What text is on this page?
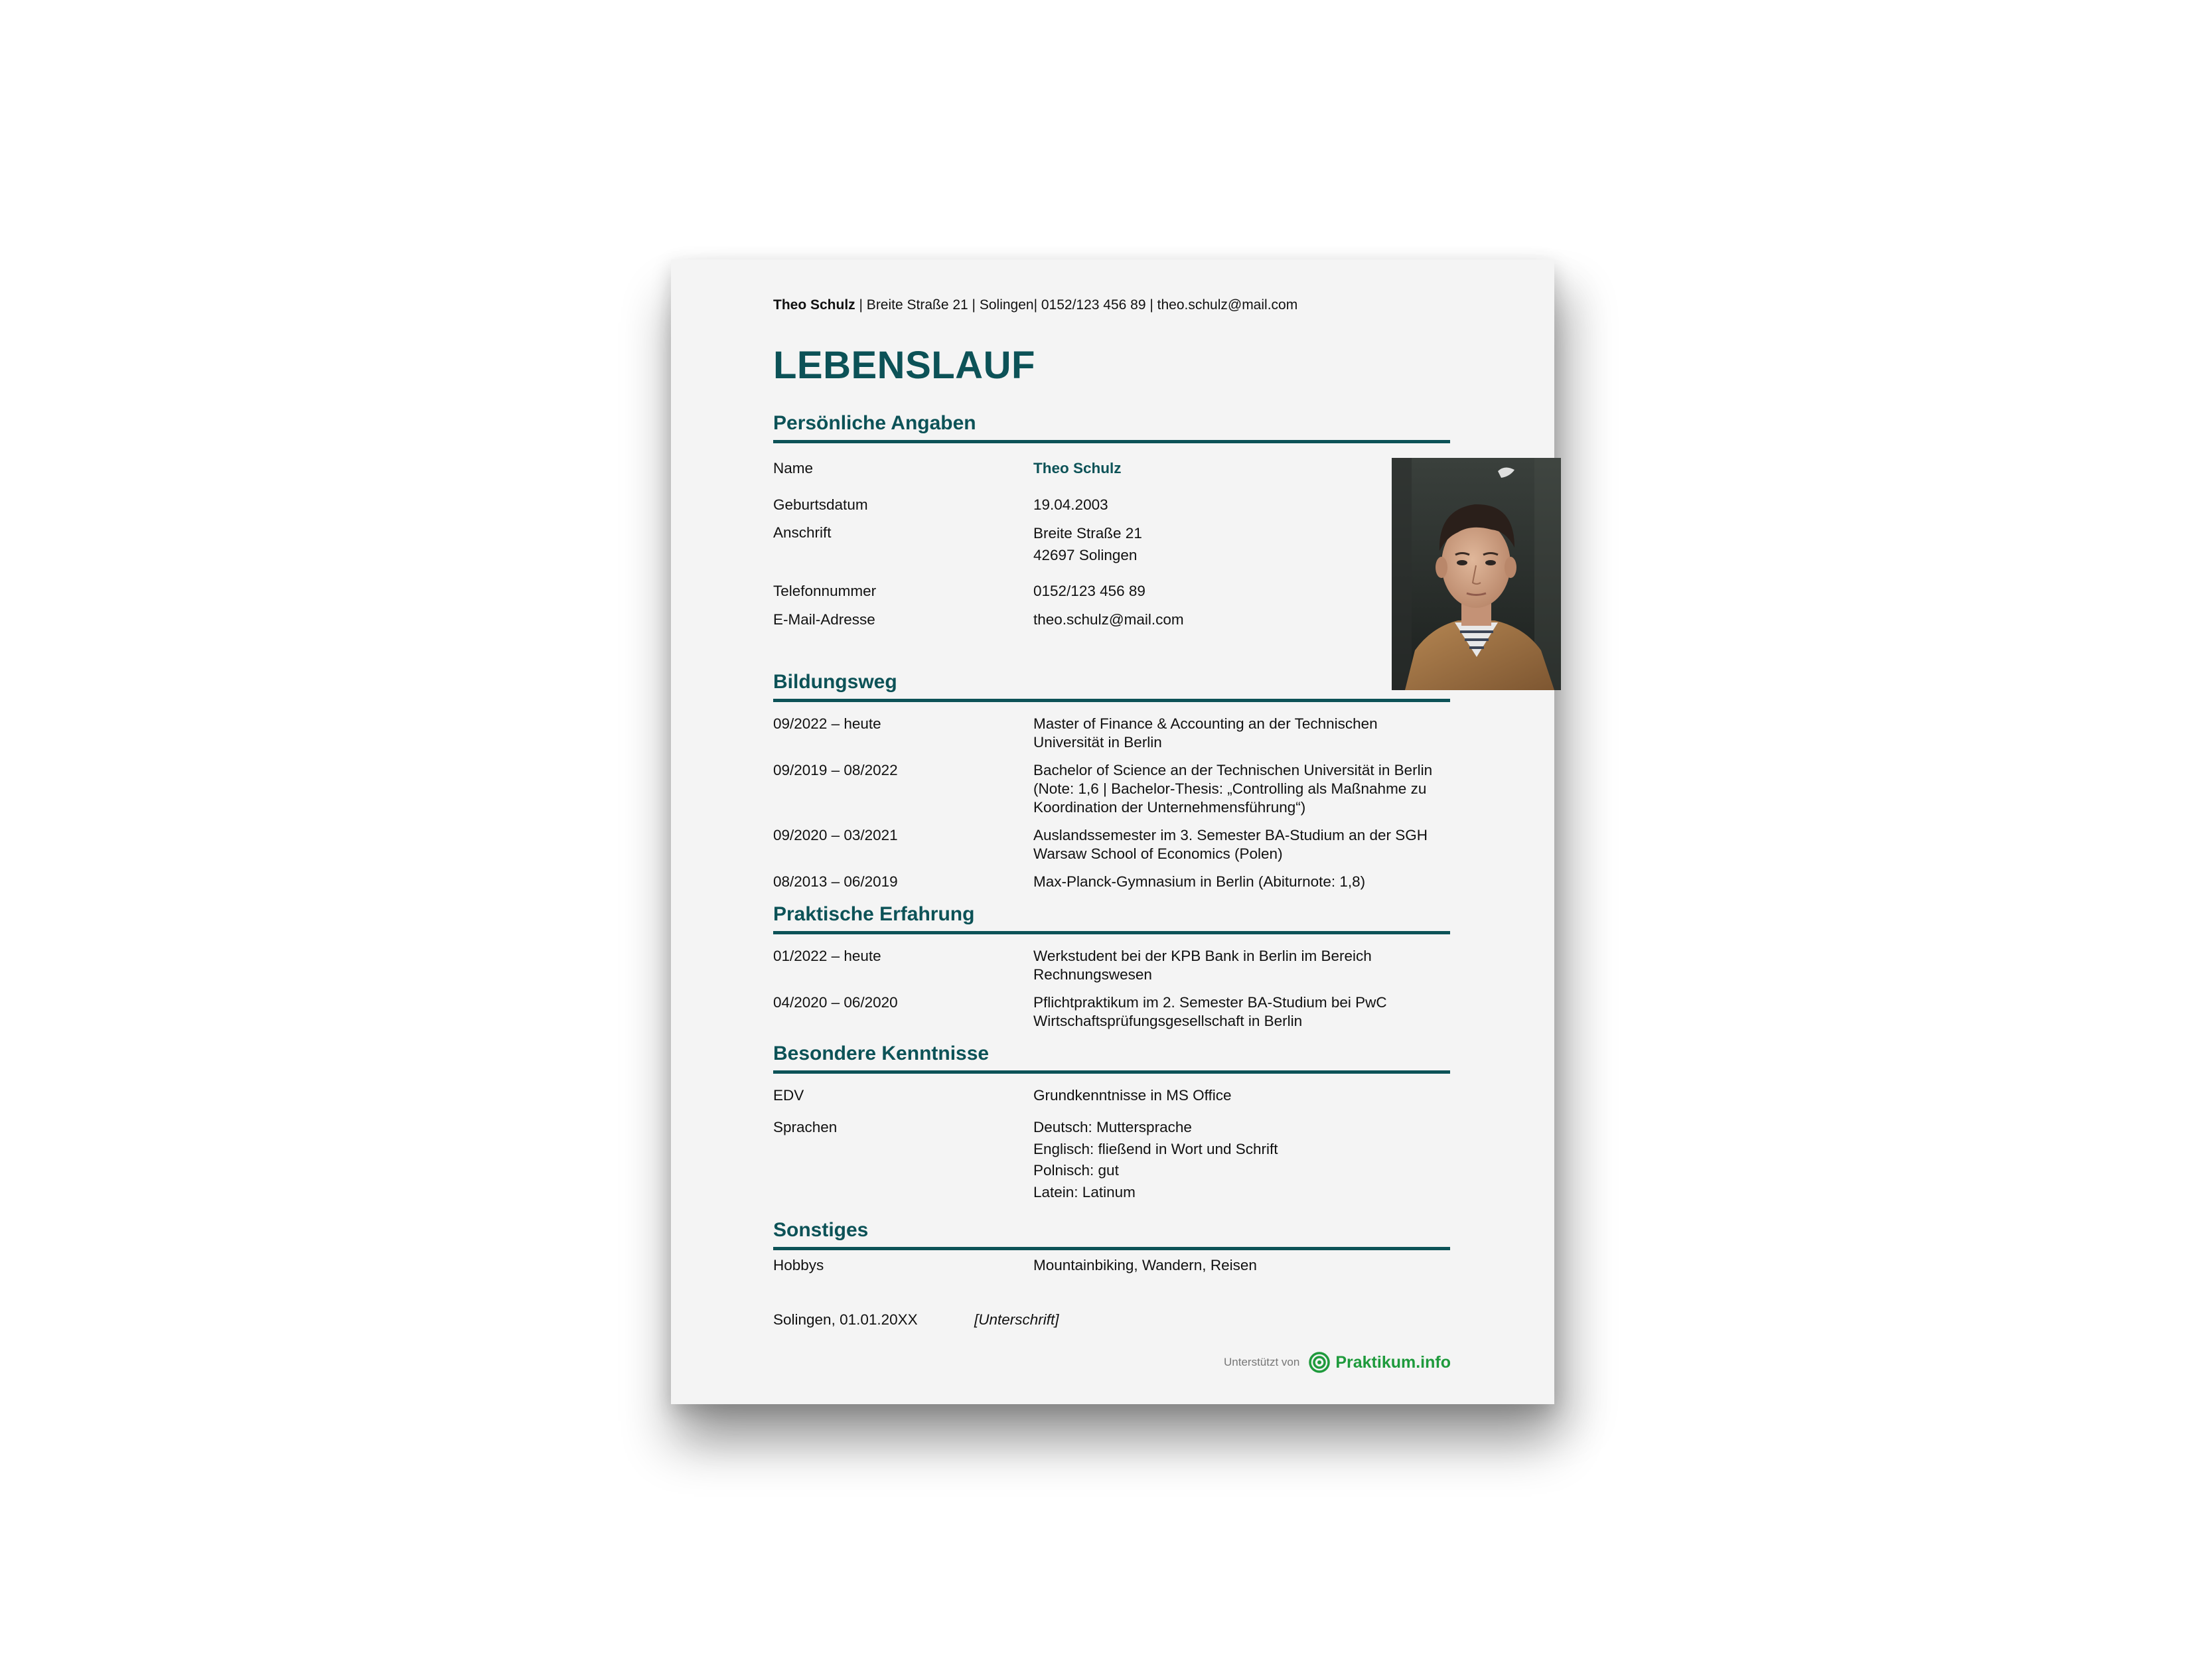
Theo Schulz | Breite Straße 21 | Solingen| 0152/123 456 89 | theo.schulz@mail.com
LEBENSLAUF
Persönliche Angaben
Name	Theo Schulz
Geburtsdatum	19.04.2003
Anschrift	Breite Straße 21
42697 Solingen
Telefonnummer	0152/123 456 89
E-Mail-Adresse	theo.schulz@mail.com
Bildungsweg
09/2022 – heute	Master of Finance & Accounting an der Technischen Universität in Berlin
09/2019 – 08/2022	Bachelor of Science an der Technischen Universität in Berlin (Note: 1,6 | Bachelor-Thesis: „Controlling als Maßnahme zu Koordination der Unternehmensführung“)
09/2020 – 03/2021	Auslandssemester im 3. Semester BA-Studium an der SGH Warsaw School of Economics (Polen)
08/2013 – 06/2019	Max-Planck-Gymnasium in Berlin (Abiturnote: 1,8)
Praktische Erfahrung
01/2022 – heute	Werkstudent bei der KPB Bank in Berlin im Bereich Rechnungswesen
04/2020 – 06/2020	Pflichtpraktikum im 2. Semester BA-Studium bei PwC Wirtschaftsprüfungsgesellschaft in Berlin
Besondere Kenntnisse
EDV	Grundkenntnisse in MS Office
Sprachen	Deutsch: Muttersprache
Englisch: fließend in Wort und Schrift
Polnisch: gut
Latein: Latinum
Sonstiges
Hobbys	Mountainbiking, Wandern, Reisen
Solingen, 01.01.20XX	[Unterschrift]
Unterstützt von Praktikum.info
